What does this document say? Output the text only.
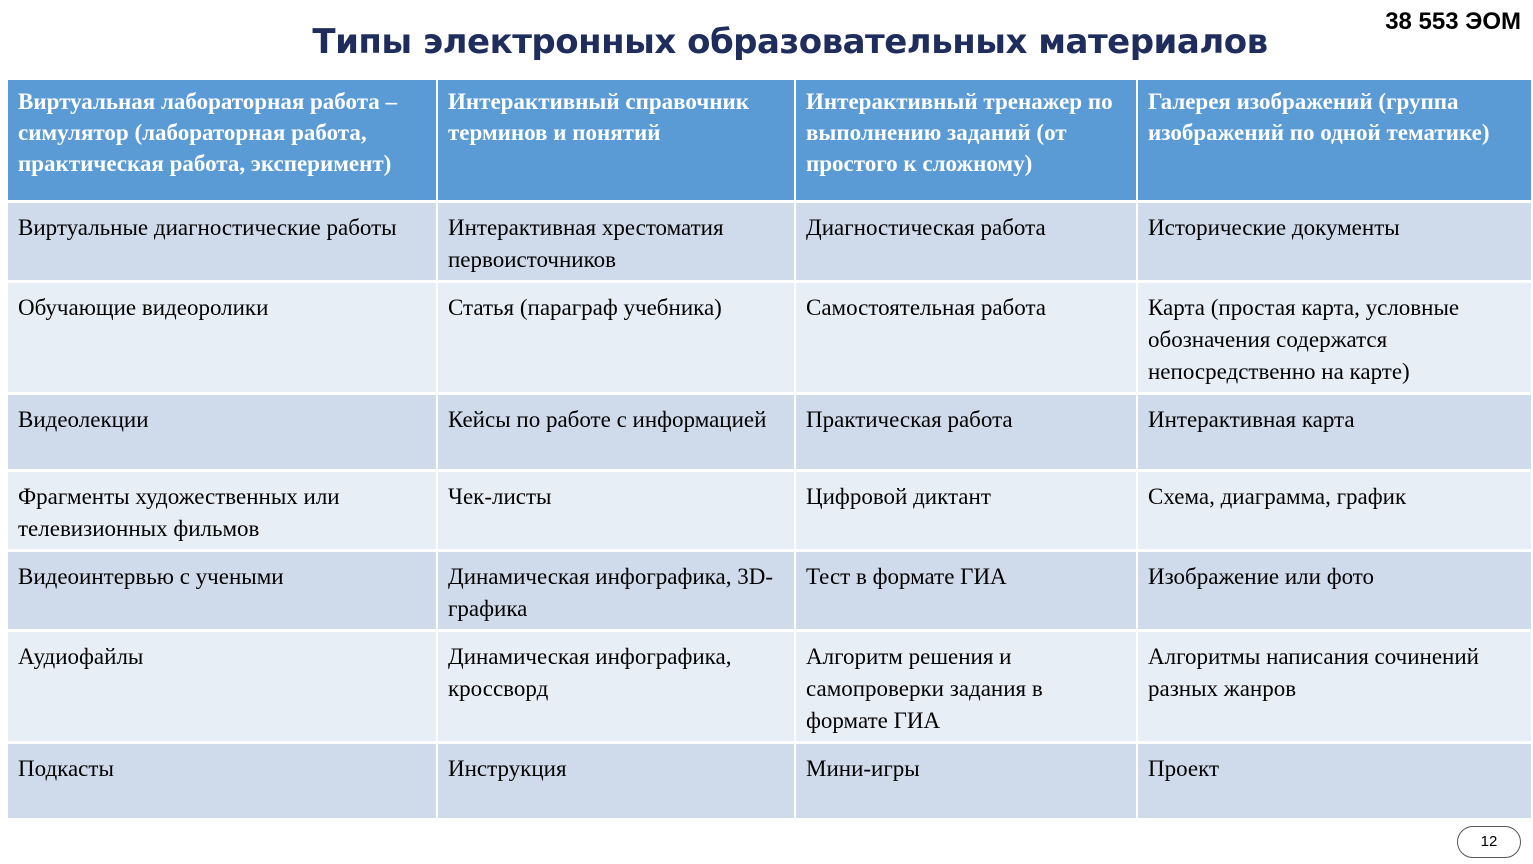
38 553 ЭОМ
Типы электронных образовательных материалов
Виртуальная лабораторная работа – симулятор (лабораторная работа, практическая работа, эксперимент)	Интерактивный справочник терминов и понятий	Интерактивный тренажер по выполнению заданий (от простого к сложному)	Галерея изображений (группа изображений по одной тематике)
Виртуальные диагностические работы	Интерактивная хрестоматия первоисточников	Диагностическая работа	Исторические документы
Обучающие видеоролики	Статья (параграф учебника)	Самостоятельная работа	Карта (простая карта, условные обозначения содержатся непосредственно на карте)
Видеолекции	Кейсы по работе с информацией	Практическая работа	Интерактивная карта
Фрагменты художественных или телевизионных фильмов	Чек-листы	Цифровой диктант	Схема, диаграмма, график
Видеоинтервью с учеными	Динамическая инфографика, 3D-графика	Тест в формате ГИА	Изображение или фото
Аудиофайлы	Динамическая инфографика, кроссворд	Алгоритм решения и самопроверки задания в формате ГИА	Алгоритмы написания сочинений разных жанров
Подкасты	Инструкция	Мини-игры	Проект
12
